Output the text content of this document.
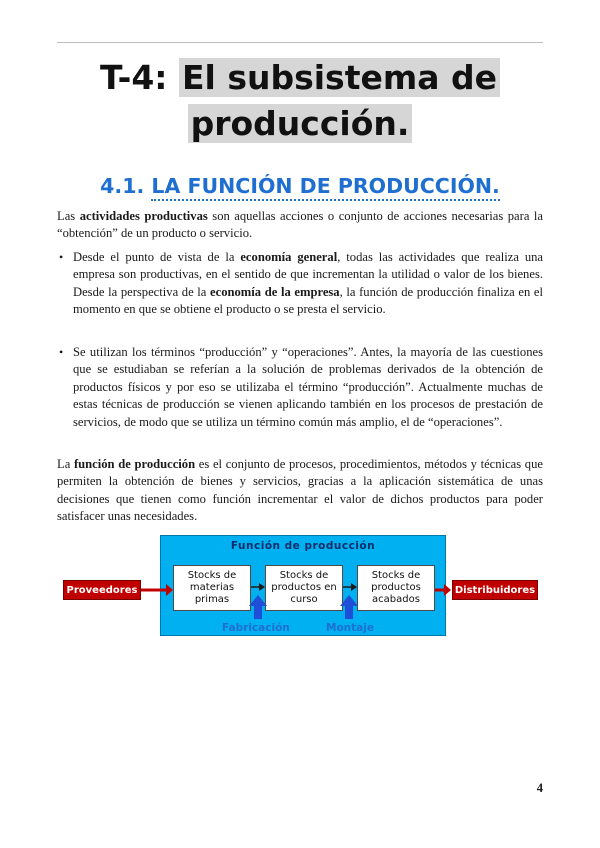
T-4: El subsistema de
producción.
4.1. LA FUNCIÓN DE PRODUCCIÓN.

Las actividades productivas son aquellas acciones o conjunto de acciones necesarias para la “obtención” de un producto o servicio.

• Desde el punto de vista de la economía general, todas las actividades que realiza una empresa son productivas, en el sentido de que incrementan la utilidad o valor de los bienes. Desde la perspectiva de la economía de la empresa, la función de producción finaliza en el momento en que se obtiene el producto o se presta el servicio.
• Se utilizan los términos “producción” y “operaciones”. Antes, la mayoría de las cuestiones que se estudiaban se referían a la solución de problemas derivados de la obtención de productos físicos y por eso se utilizaba el término “producción”. Actualmente muchas de estas técnicas de producción se vienen aplicando también en los procesos de prestación de servicios, de modo que se utiliza un término común más amplio, el de “operaciones”.

La función de producción es el conjunto de procesos, procedimientos, métodos y técnicas que permiten la obtención de bienes y servicios, gracias a la aplicación sistemática de unas decisiones que tienen como función incrementar el valor de dichos productos para poder satisfacer unas necesidades.

Función de producción
Stocks de materias primas
Stocks de productos en curso
Stocks de productos acabados
Fabricación	Montaje
Proveedores	Distribuidores
4
